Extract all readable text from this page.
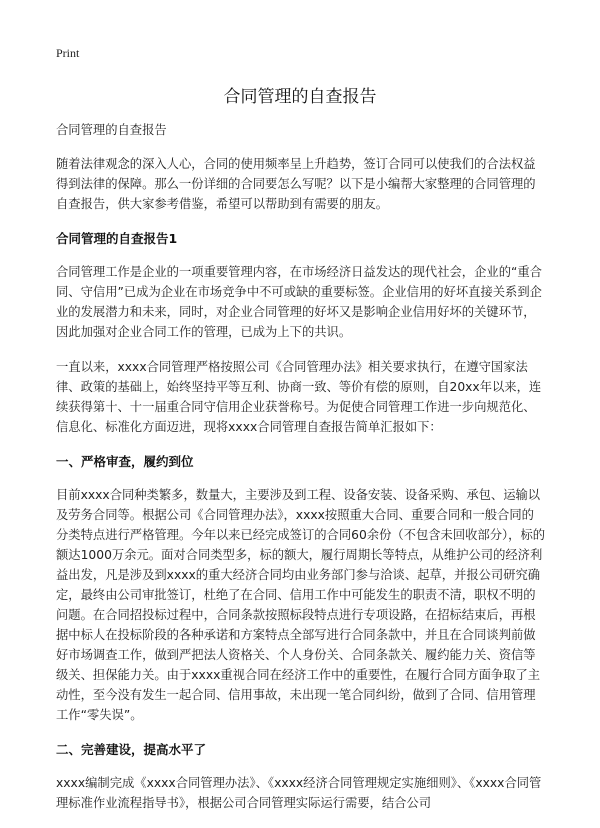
Print
合同管理的自查报告

合同管理的自查报告

随着法律观念的深入人心，合同的使用频率呈上升趋势，签订合同可以使我们的合法权益得到法律的保障。那么一份详细的合同要怎么写呢？以下是小编帮大家整理的合同管理的自查报告，供大家参考借鉴，希望可以帮助到有需要的朋友。

合同管理的自查报告1

合同管理工作是企业的一项重要管理内容，在市场经济日益发达的现代社会，企业的“重合同、守信用”已成为企业在市场竞争中不可或缺的重要标签。企业信用的好坏直接关系到企业的发展潜力和未来，同时，对企业合同管理的好坏又是影响企业信用好坏的关键环节，因此加强对企业合同工作的管理，已成为上下的共识。

一直以来，xxxx合同管理严格按照公司《合同管理办法》相关要求执行，在遵守国家法律、政策的基础上，始终坚持平等互利、协商一致、等价有偿的原则，自20xx年以来，连续获得第十、十一届重合同守信用企业获誉称号。为促使合同管理工作进一步向规范化、信息化、标准化方面迈进，现将xxxx合同管理自查报告简单汇报如下：

一、严格审查，履约到位

目前xxxx合同种类繁多，数量大，主要涉及到工程、设备安装、设备采购、承包、运输以及劳务合同等。根据公司《合同管理办法》，xxxx按照重大合同、重要合同和一般合同的分类特点进行严格管理。今年以来已经完成签订的合同60余份（不包含未回收部分），标的额达1000万余元。面对合同类型多，标的额大，履行周期长等特点，从维护公司的经济利益出发，凡是涉及到xxxx的重大经济合同均由业务部门参与洽谈、起草，并报公司研究确定，最终由公司审批签订，杜绝了在合同、信用工作中可能发生的职责不清，职权不明的问题。在合同招投标过程中，合同条款按照标段特点进行专项设路，在招标结束后，再根据中标人在投标阶段的各种承诺和方案特点全部写进行合同条款中，并且在合同谈判前做好市场调查工作，做到严把法人资格关、个人身份关、合同条款关、履约能力关、资信等级关、担保能力关。由于xxxx重视合同在经济工作中的重要性，在履行合同方面争取了主动性，至今没有发生一起合同、信用事故，未出现一笔合同纠纷，做到了合同、信用管理工作“零失误”。

二、完善建设，提高水平了

xxxx编制完成《xxxx合同管理办法》、《xxxx经济合同管理规定实施细则》、《xxxx合同管理标准作业流程指导书》，根据公司合同管理实际运行需要，结合公司
